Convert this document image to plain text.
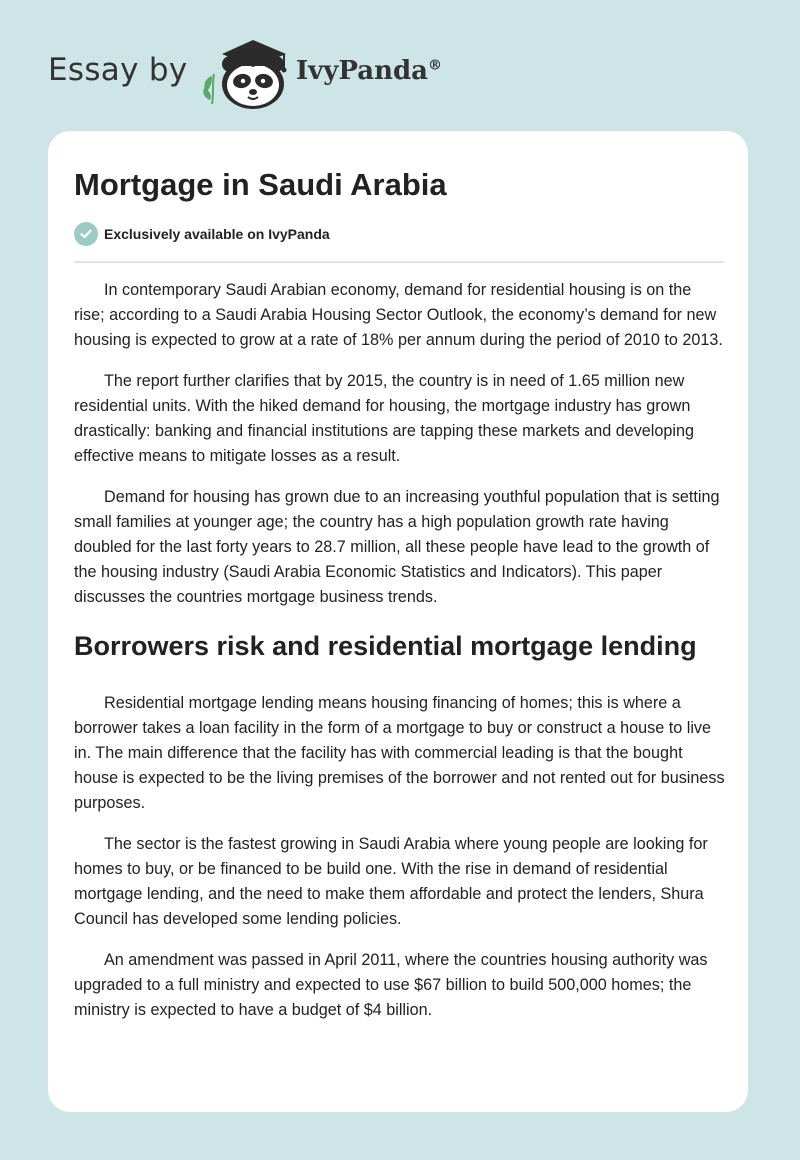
Essay by	IvyPanda®
Mortgage in Saudi Arabia
Exclusively available on IvyPanda

In contemporary Saudi Arabian economy, demand for residential housing is on the rise; according to a Saudi Arabia Housing Sector Outlook, the economy’s demand for new housing is expected to grow at a rate of 18% per annum during the period of 2010 to 2013.

The report further clarifies that by 2015, the country is in need of 1.65 million new residential units. With the hiked demand for housing, the mortgage industry has grown drastically: banking and financial institutions are tapping these markets and developing effective means to mitigate losses as a result.

Demand for housing has grown due to an increasing youthful population that is setting small families at younger age; the country has a high population growth rate having doubled for the last forty years to 28.7 million, all these people have lead to the growth of the housing industry (Saudi Arabia Economic Statistics and Indicators). This paper discusses the countries mortgage business trends.

Borrowers risk and residential mortgage lending

Residential mortgage lending means housing financing of homes; this is where a borrower takes a loan facility in the form of a mortgage to buy or construct a house to live in. The main difference that the facility has with commercial leading is that the bought house is expected to be the living premises of the borrower and not rented out for business purposes.

The sector is the fastest growing in Saudi Arabia where young people are looking for homes to buy, or be financed to be build one. With the rise in demand of residential mortgage lending, and the need to make them affordable and protect the lenders, Shura Council has developed some lending policies.

An amendment was passed in April 2011, where the countries housing authority was upgraded to a full ministry and expected to use $67 billion to build 500,000 homes; the ministry is expected to have a budget of $4 billion.
